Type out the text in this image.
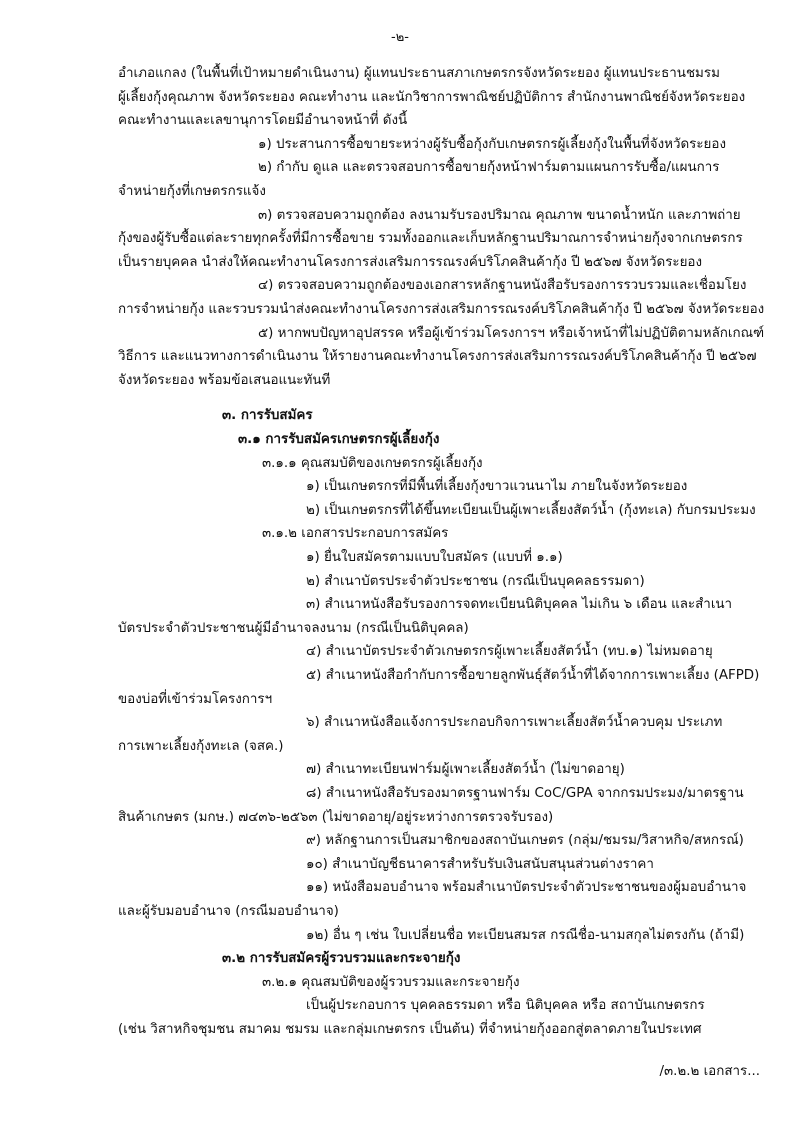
-๒-
อำเภอแกลง (ในพื้นที่เป้าหมายดำเนินงาน) ผู้แทนประธานสภาเกษตรกรจังหวัดระยอง ผู้แทนประธานชมรม
ผู้เลี้ยงกุ้งคุณภาพ จังหวัดระยอง คณะทำงาน และนักวิชาการพาณิชย์ปฏิบัติการ สำนักงานพาณิชย์จังหวัดระยอง
คณะทำงานและเลขานุการโดยมีอำนาจหน้าที่ ดังนี้
๑) ประสานการซื้อขายระหว่างผู้รับซื้อกุ้งกับเกษตรกรผู้เลี้ยงกุ้งในพื้นที่จังหวัดระยอง
๒) กำกับ ดูแล และตรวจสอบการซื้อขายกุ้งหน้าฟาร์มตามแผนการรับซื้อ/แผนการ
จำหน่ายกุ้งที่เกษตรกรแจ้ง
๓) ตรวจสอบความถูกต้อง ลงนามรับรองปริมาณ คุณภาพ ขนาดน้ำหนัก และภาพถ่าย
กุ้งของผู้รับซื้อแต่ละรายทุกครั้งที่มีการซื้อขาย รวมทั้งออกและเก็บหลักฐานปริมาณการจำหน่ายกุ้งจากเกษตรกร
เป็นรายบุคคล นำส่งให้คณะทำงานโครงการส่งเสริมการรณรงค์บริโภคสินค้ากุ้ง ปี ๒๕๖๗ จังหวัดระยอง
๔) ตรวจสอบความถูกต้องของเอกสารหลักฐานหนังสือรับรองการรวบรวมและเชื่อมโยง
การจำหน่ายกุ้ง และรวบรวมนำส่งคณะทำงานโครงการส่งเสริมการรณรงค์บริโภคสินค้ากุ้ง ปี ๒๕๖๗ จังหวัดระยอง
๕) หากพบปัญหาอุปสรรค หรือผู้เข้าร่วมโครงการฯ หรือเจ้าหน้าที่ไม่ปฏิบัติตามหลักเกณฑ์
วิธีการ และแนวทางการดำเนินงาน ให้รายงานคณะทำงานโครงการส่งเสริมการรณรงค์บริโภคสินค้ากุ้ง ปี ๒๕๖๗
จังหวัดระยอง พร้อมข้อเสนอแนะทันที
๓. การรับสมัคร
๓.๑ การรับสมัครเกษตรกรผู้เลี้ยงกุ้ง
๓.๑.๑ คุณสมบัติของเกษตรกรผู้เลี้ยงกุ้ง
๑) เป็นเกษตรกรที่มีพื้นที่เลี้ยงกุ้งขาวแวนนาไม ภายในจังหวัดระยอง
๒) เป็นเกษตรกรที่ได้ขึ้นทะเบียนเป็นผู้เพาะเลี้ยงสัตว์น้ำ (กุ้งทะเล) กับกรมประมง
๓.๑.๒ เอกสารประกอบการสมัคร
๑) ยื่นใบสมัครตามแบบใบสมัคร (แบบที่ ๑.๑)
๒) สำเนาบัตรประจำตัวประชาชน (กรณีเป็นบุคคลธรรมดา)
๓) สำเนาหนังสือรับรองการจดทะเบียนนิติบุคคล ไม่เกิน ๖ เดือน และสำเนา
บัตรประจำตัวประชาชนผู้มีอำนาจลงนาม (กรณีเป็นนิติบุคคล)
๔) สำเนาบัตรประจำตัวเกษตรกรผู้เพาะเลี้ยงสัตว์น้ำ (ทบ.๑) ไม่หมดอายุ
๕) สำเนาหนังสือกำกับการซื้อขายลูกพันธุ์สัตว์น้ำที่ได้จากการเพาะเลี้ยง (AFPD)
ของบ่อที่เข้าร่วมโครงการฯ
๖) สำเนาหนังสือแจ้งการประกอบกิจการเพาะเลี้ยงสัตว์น้ำควบคุม ประเภท
การเพาะเลี้ยงกุ้งทะเล (จสค.)
๗) สำเนาทะเบียนฟาร์มผู้เพาะเลี้ยงสัตว์น้ำ (ไม่ขาดอายุ)
๘) สำเนาหนังสือรับรองมาตรฐานฟาร์ม CoC/GPA จากกรมประมง/มาตรฐาน
สินค้าเกษตร (มกษ.) ๗๔๓๖-๒๕๖๓ (ไม่ขาดอายุ/อยู่ระหว่างการตรวจรับรอง)
๙) หลักฐานการเป็นสมาชิกของสถาบันเกษตร (กลุ่ม/ชมรม/วิสาหกิจ/สหกรณ์)
๑๐) สำเนาบัญชีธนาคารสำหรับรับเงินสนับสนุนส่วนต่างราคา
๑๑) หนังสือมอบอำนาจ พร้อมสำเนาบัตรประจำตัวประชาชนของผู้มอบอำนาจ
และผู้รับมอบอำนาจ (กรณีมอบอำนาจ)
๑๒) อื่น ๆ เช่น ใบเปลี่ยนชื่อ ทะเบียนสมรส กรณีชื่อ-นามสกุลไม่ตรงกัน (ถ้ามี)
๓.๒ การรับสมัครผู้รวบรวมและกระจายกุ้ง
๓.๒.๑ คุณสมบัติของผู้รวบรวมและกระจายกุ้ง
เป็นผู้ประกอบการ บุคคลธรรมดา หรือ นิติบุคคล หรือ สถาบันเกษตรกร
(เช่น วิสาหกิจชุมชน สมาคม ชมรม และกลุ่มเกษตรกร เป็นต้น) ที่จำหน่ายกุ้งออกสู่ตลาดภายในประเทศ
/๓.๒.๒ เอกสาร...
